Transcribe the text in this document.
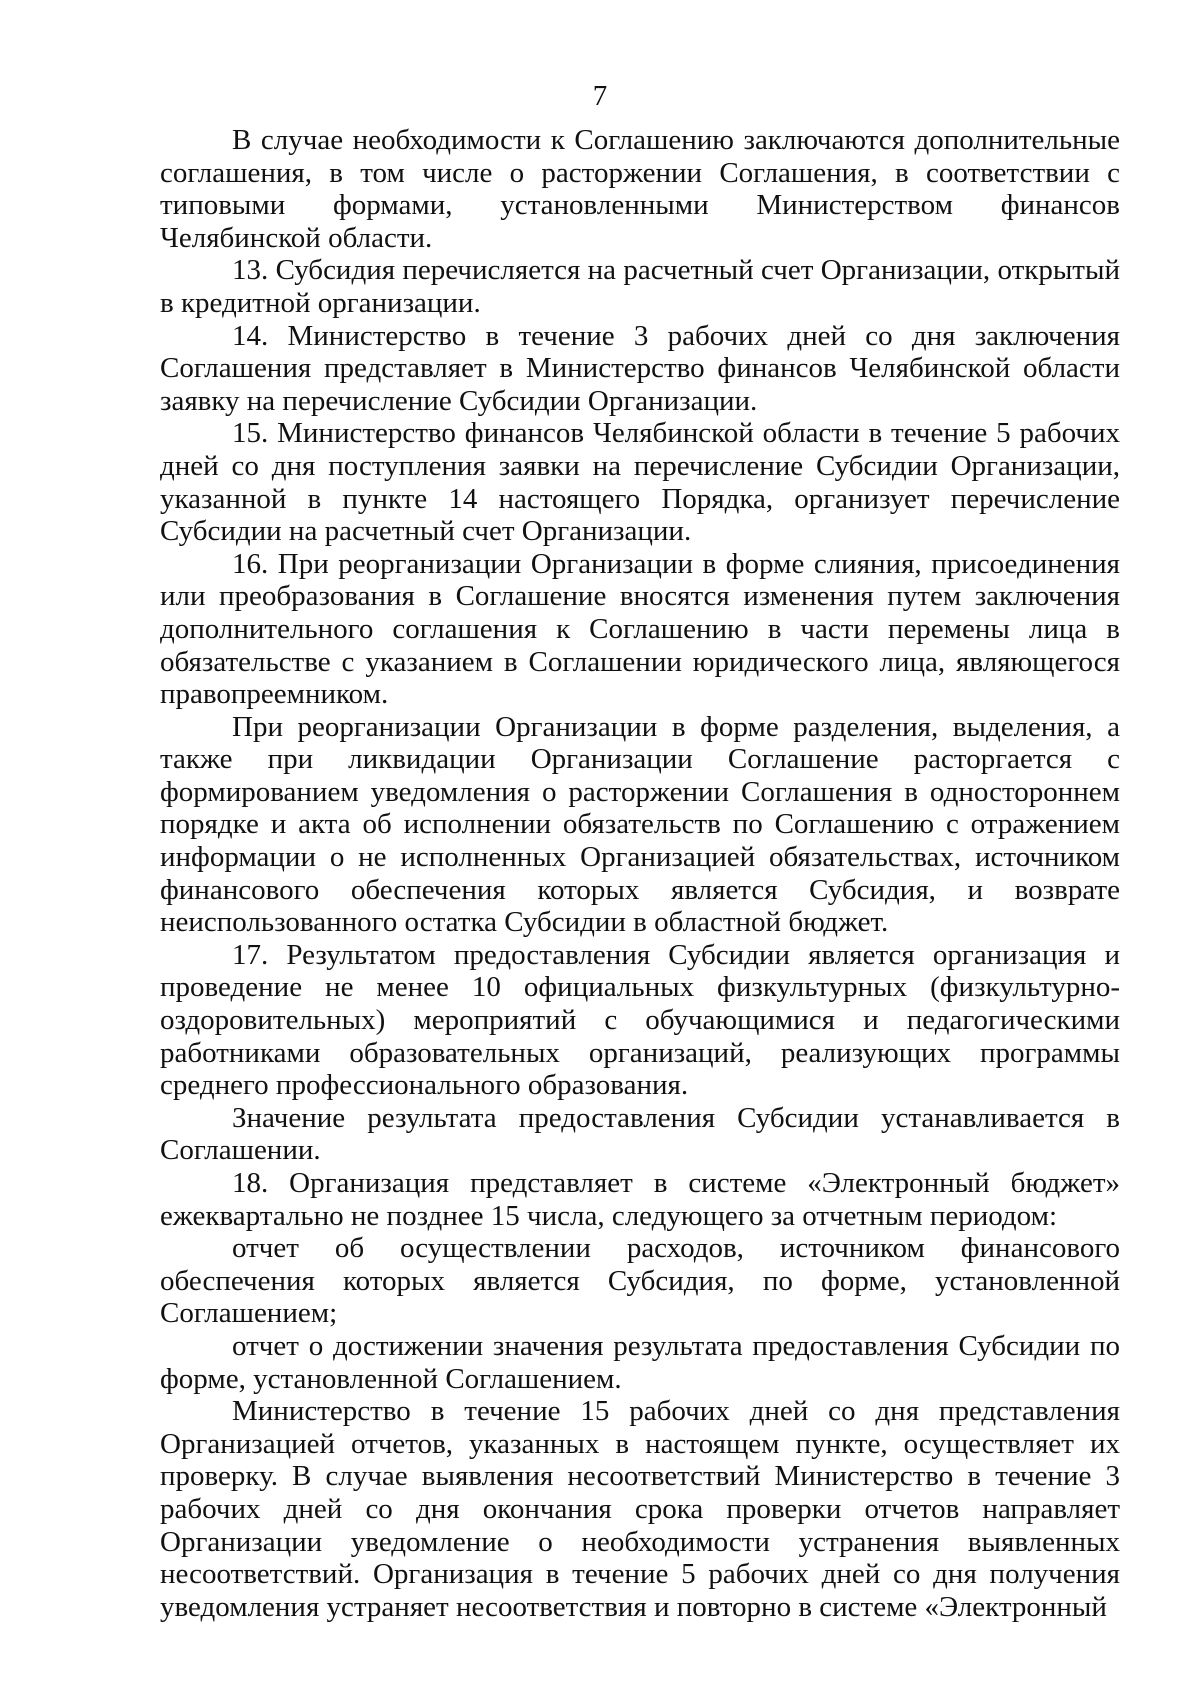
7

В случае необходимости к Соглашению заключаются дополнительные соглашения, в том числе о расторжении Соглашения, в соответствии с типовыми формами, установленными Министерством финансов Челябинской области.

13. Субсидия перечисляется на расчетный счет Организации, открытый в кредитной организации.

14. Министерство в течение 3 рабочих дней со дня заключения Соглашения представляет в Министерство финансов Челябинской области заявку на перечисление Субсидии Организации.

15. Министерство финансов Челябинской области в течение 5 рабочих дней со дня поступления заявки на перечисление Субсидии Организации, указанной в пункте 14 настоящего Порядка, организует перечисление Субсидии на расчетный счет Организации.

16. При реорганизации Организации в форме слияния, присоединения или преобразования в Соглашение вносятся изменения путем заключения дополнительного соглашения к Соглашению в части перемены лица в обязательстве с указанием в Соглашении юридического лица, являющегося правопреемником.

При реорганизации Организации в форме разделения, выделения, а также при ликвидации Организации Соглашение расторгается с формированием уведомления о расторжении Соглашения в одностороннем порядке и акта об исполнении обязательств по Соглашению с отражением информации о не исполненных Организацией обязательствах, источником финансового обеспечения которых является Субсидия, и возврате неиспользованного остатка Субсидии в областной бюджет.

17. Результатом предоставления Субсидии является организация и проведение не менее 10 официальных физкультурных (физкультурно-оздоровительных) мероприятий с обучающимися и педагогическими работниками образовательных организаций, реализующих программы среднего профессионального образования.

Значение результата предоставления Субсидии устанавливается в Соглашении.

18. Организация представляет в системе «Электронный бюджет» ежеквартально не позднее 15 числа, следующего за отчетным периодом:

отчет об осуществлении расходов, источником финансового обеспечения которых является Субсидия, по форме, установленной Соглашением;

отчет о достижении значения результата предоставления Субсидии по форме, установленной Соглашением.

Министерство в течение 15 рабочих дней со дня представления Организацией отчетов, указанных в настоящем пункте, осуществляет их проверку. В случае выявления несоответствий Министерство в течение 3 рабочих дней со дня окончания срока проверки отчетов направляет Организации уведомление о необходимости устранения выявленных несоответствий. Организация в течение 5 рабочих дней со дня получения уведомления устраняет несоответствия и повторно в системе «Электронный
